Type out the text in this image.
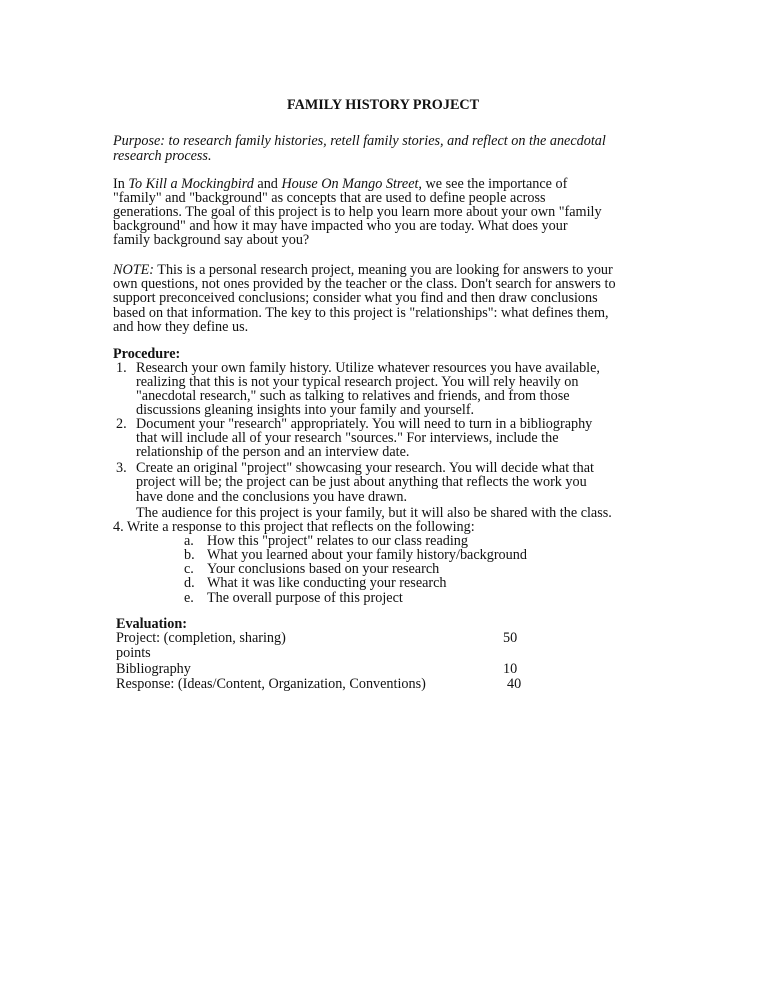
FAMILY HISTORY PROJECT
Purpose: to research family histories, retell family stories, and reflect on the anecdotal
research process.
In To Kill a Mockingbird and House On Mango Street, we see the importance of
"family" and "background" as concepts that are used to define people across
generations. The goal of this project is to help you learn more about your own "family
background" and how it may have impacted who you are today. What does your
family background say about you?
NOTE: This is a personal research project, meaning you are looking for answers to your
own questions, not ones provided by the teacher or the class. Don't search for answers to
support preconceived conclusions; consider what you find and then draw conclusions
based on that information. The key to this project is "relationships": what defines them,
and how they define us.
Procedure:
1. Research your own family history. Utilize whatever resources you have available,
realizing that this is not your typical research project. You will rely heavily on
"anecdotal research," such as talking to relatives and friends, and from those
discussions gleaning insights into your family and yourself.
2. Document your "research" appropriately. You will need to turn in a bibliography
that will include all of your research "sources." For interviews, include the
relationship of the person and an interview date.
3. Create an original "project" showcasing your research. You will decide what that
project will be; the project can be just about anything that reflects the work you
have done and the conclusions you have drawn.
The audience for this project is your family, but it will also be shared with the class.
4. Write a response to this project that reflects on the following:
a. How this "project" relates to our class reading
b. What you learned about your family history/background
c. Your conclusions based on your research
d. What it was like conducting your research
e. The overall purpose of this project
Evaluation:
Project: (completion, sharing)	50
points
Bibliography	10
Response: (Ideas/Content, Organization, Conventions)	40
